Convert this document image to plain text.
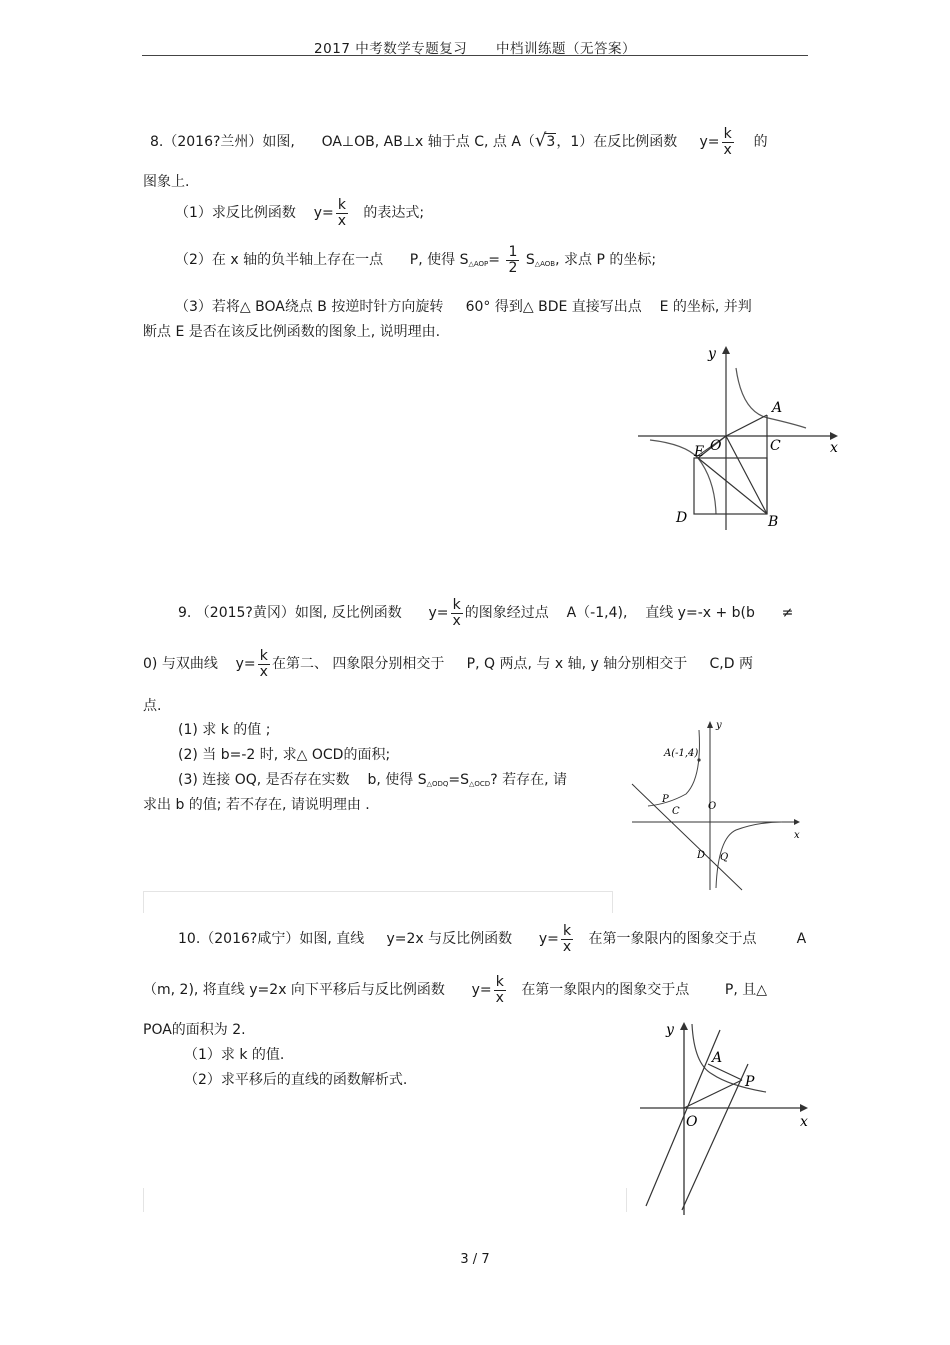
2017 中考数学专题复习 中档训练题（无答案）
8.（2016?兰州）如图, OA⊥OB, AB⊥x 轴于点 C, 点 A（√3，1）在反比例函数 $y= \frac{k}{x}$ 的
图象上.
（1）求反比例函数 $y= \frac{k}{x}$ 的表达式;
（2）在 x 轴的负半轴上存在一点 P, 使得 $S_{\triangle AOP}= \frac{1}{2} S_{\triangle AOB}$, 求点 P 的坐标;
（3）若将△ BOA绕点 B 按逆时针方向旋转 60° 得到△ BDE 直接写出点 E 的坐标, 并判
断点 E 是否在该反比例函数的图象上, 说明理由.
y
x
A
C
O
E
D	B
9. （2015?黄冈）如图, 反比例函数 $y= \frac{k}{x}$ 的图象经过点 A（-1,4), 直线 y=-x + b(b ≠
0) 与双曲线 $y= \frac{k}{x}$ 在第二、 四象限分别相交于 P, Q 两点, 与 x 轴, y 轴分别相交于 C,D 两
点.
(1) 求 k 的值 ;
(2) 当 b=-2 时, 求△ OCD的面积;
(3) 连接 OQ, 是否存在实数 b, 使得 $S_{\triangle ODQ}=S_{\triangle OCD}$? 若存在, 请
求出 b 的值; 若不存在, 请说明理由 .
A(-1,4)
y
x
P
C	O
D Q
10.（2016?咸宁）如图, 直线 y=2x 与反比例函数 $y= \frac{k}{x}$ 在第一象限内的图象交于点	A
（m, 2), 将直线 y=2x 向下平移后与反比例函数 $y= \frac{k}{x}$ 在第一象限内的图象交于点	P, 且△
POA的面积为 2.
（1）求 k 的值.
（2）求平移后的直线的函数解析式.
y
x
A
P
O
3 / 7
